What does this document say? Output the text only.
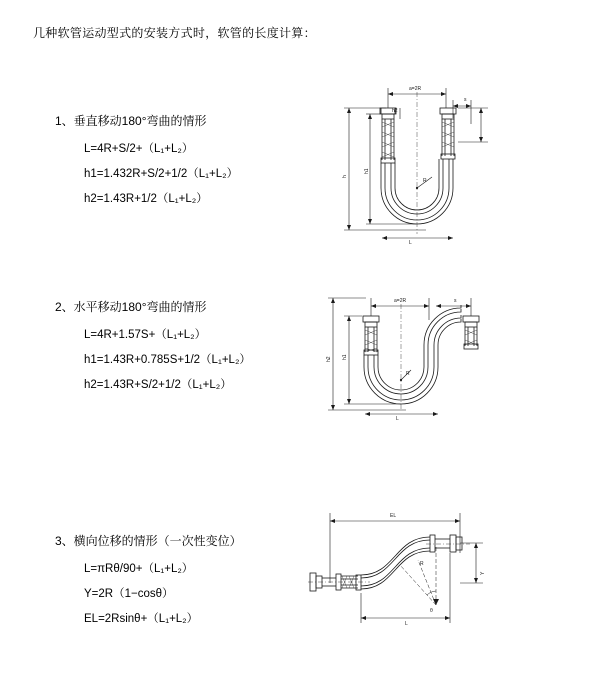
几种软管运动型式的安装方式时，软管的长度计算：
1、垂直移动180°弯曲的情形
L=4R+S/2+（L₁+L₂）
h1=1.432R+S/2+1/2（L₁+L₂）
h2=1.43R+1/2（L₁+L₂）
a=2R
s
h2
h1
h
R
L
2、水平移动180°弯曲的情形
L=4R+1.57S+（L₁+L₂）
h1=1.43R+0.785S+1/2（L₁+L₂）
h2=1.43R+S/2+1/2（L₁+L₂）
a=2R	s
h1
h2
R
L
3、横向位移的情形（一次性变位）
L=πRθ/90+（L₁+L₂）
Y=2R（1−cosθ）
EL=2Rsinθ+（L₁+L₂）
EL
Y
L
θ
R
